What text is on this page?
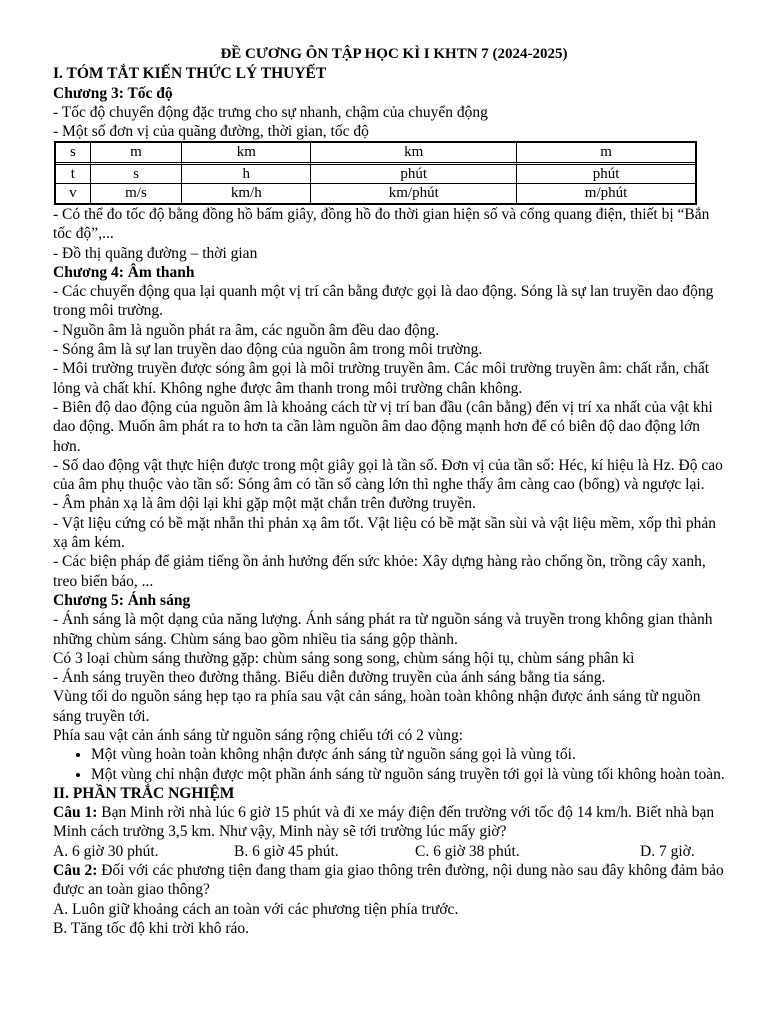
ĐỀ CƯƠNG ÔN TẬP HỌC KÌ I KHTN 7 (2024-2025)
I. TÓM TẮT KIẾN THỨC LÝ THUYẾT
Chương 3: Tốc độ

- Tốc độ chuyển động đặc trưng cho sự nhanh, chậm của chuyển động

- Một số đơn vị của quãng đường, thời gian, tốc độ

s	m	km	km	m
t	s	h	phút	phút
v	m/s	km/h	km/phút	m/phút

- Có thể đo tốc độ bằng đồng hồ bấm giây, đồng hồ đo thời gian hiện số và cổng quang điện, thiết bị “Bắn tốc độ”,...

- Đồ thị quãng đường – thời gian

Chương 4: Âm thanh

- Các chuyển động qua lại quanh một vị trí cân bằng được gọi là dao động. Sóng là sự lan truyền dao động trong môi trường.

- Nguồn âm là nguồn phát ra âm, các nguồn âm đều dao động.

- Sóng âm là sự lan truyền dao động của nguồn âm trong môi trường.

- Môi trường truyền được sóng âm gọi là môi trường truyền âm. Các môi trường truyền âm: chất rắn, chất lỏng và chất khí. Không nghe được âm thanh trong môi trường chân không.

- Biên độ dao động của nguồn âm là khoảng cách từ vị trí ban đầu (cân bằng) đến vị trí xa nhất của vật khi dao động. Muốn âm phát ra to hơn ta cần làm nguồn âm dao động mạnh hơn để có biên độ dao động lớn hơn.

- Số dao động vật thực hiện được trong một giây gọi là tần số. Đơn vị của tần số: Héc, kí hiệu là Hz. Độ cao của âm phụ thuộc vào tần số: Sóng âm có tần số càng lớn thì nghe thấy âm càng cao (bổng) và ngược lại.

- Âm phản xạ là âm dội lại khi gặp một mặt chắn trên đường truyền.

- Vật liệu cứng có bề mặt nhẵn thì phản xạ âm tốt. Vật liệu có bề mặt sần sùi và vật liệu mềm, xốp thì phản xạ âm kém.

- Các biện pháp để giảm tiếng ồn ảnh hưởng đến sức khỏe: Xây dựng hàng rào chống ồn, trồng cây xanh, treo biển báo, ...

Chương 5: Ánh sáng

- Ánh sáng là một dạng của năng lượng. Ánh sáng phát ra từ nguồn sáng và truyền trong không gian thành những chùm sáng. Chùm sáng bao gồm nhiều tia sáng gộp thành.

Có 3 loại chùm sáng thường gặp: chùm sáng song song, chùm sáng hội tụ, chùm sáng phân kì

- Ánh sáng truyền theo đường thẳng. Biểu diễn đường truyền của ánh sáng bằng tia sáng.

Vùng tối do nguồn sáng hẹp tạo ra phía sau vật cản sáng, hoàn toàn không nhận được ánh sáng từ nguồn sáng truyền tới.

Phía sau vật cản ánh sáng từ nguồn sáng rộng chiếu tới có 2 vùng:

• Một vùng hoàn toàn không nhận được ánh sáng từ nguồn sáng gọi là vùng tối.
• Một vùng chỉ nhận được một phần ánh sáng từ nguồn sáng truyền tới gọi là vùng tối không hoàn toàn.
II. PHẦN TRẮC NGHIỆM

Câu 1: Bạn Minh rời nhà lúc 6 giờ 15 phút và đi xe máy điện đến trường với tốc độ 14 km/h. Biết nhà bạn Minh cách trường 3,5 km. Như vậy, Minh này sẽ tới trường lúc mấy giờ?

A. 6 giờ 30 phút.	B. 6 giờ 45 phút.	C. 6 giờ 38 phút.	D. 7 giờ.

Câu 2: Đối với các phương tiện đang tham gia giao thông trên đường, nội dung nào sau đây không đảm bảo được an toàn giao thông?

A. Luôn giữ khoảng cách an toàn với các phương tiện phía trước.

B. Tăng tốc độ khi trời khô ráo.
